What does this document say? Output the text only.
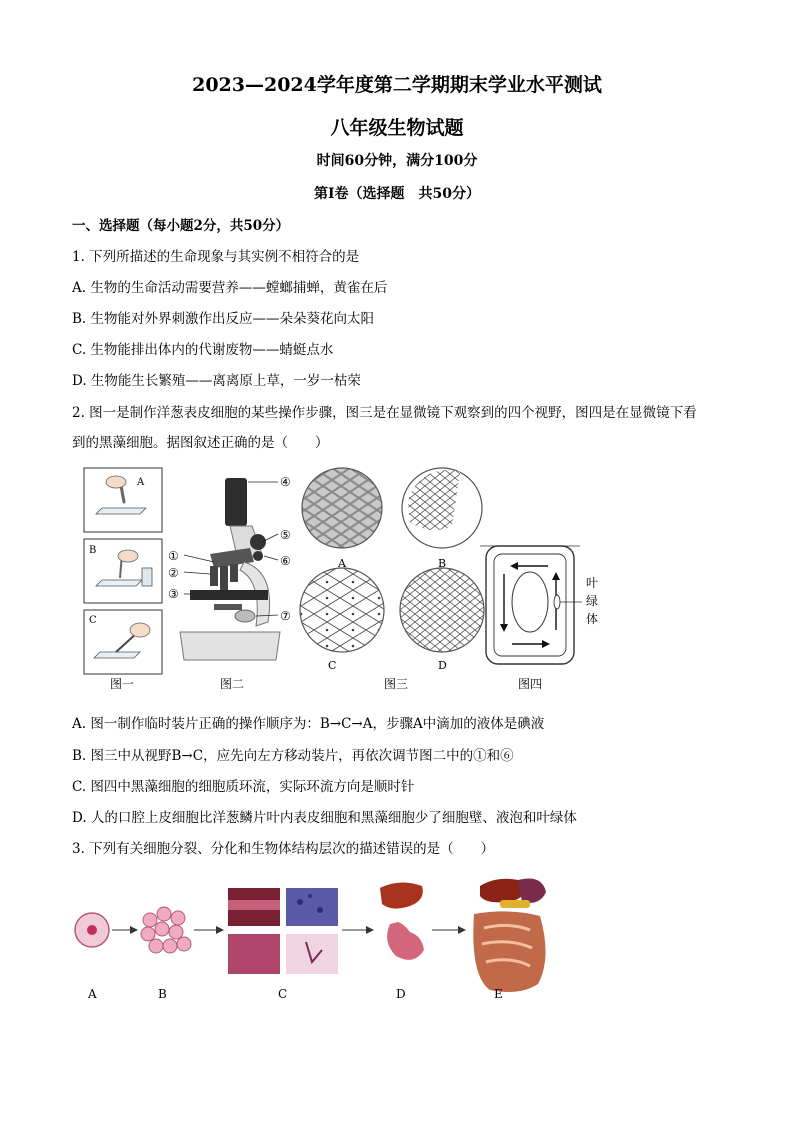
2023—2024学年度第二学期期末学业水平测试
八年级生物试题
时间60分钟，满分100分
第Ⅰ卷（选择题　共50分）
一、选择题（每小题2分，共50分）
1. 下列所描述的生命现象与其实例不相符合的是
A. 生物的生命活动需要营养——螳螂捕蝉，黄雀在后
B. 生物能对外界刺激作出反应——朵朵葵花向太阳
C. 生物能排出体内的代谢废物——蜻蜓点水
D. 生物能生长繁殖——离离原上草，一岁一枯荣
2. 图一是制作洋葱表皮细胞的某些操作步骤，图三是在显微镜下观察到的四个视野，图四是在显微镜下看
到的黑藻细胞。据图叙述正确的是（　　）
A
B
C
④
⑤
⑥
⑦
①
②
③
A	B
C	D
叶
绿
体
图一	图二	图三	图四
A. 图一制作临时装片正确的操作顺序为：B→C→A，步骤A中滴加的液体是碘液
B. 图三中从视野B→C，应先向左方移动装片，再依次调节图二中的①和⑥
C. 图四中黑藻细胞的细胞质环流，实际环流方向是顺时针
D. 人的口腔上皮细胞比洋葱鳞片叶内表皮细胞和黑藻细胞少了细胞壁、液泡和叶绿体
3. 下列有关细胞分裂、分化和生物体结构层次的描述错误的是（　　）
A	B	C	D	E
